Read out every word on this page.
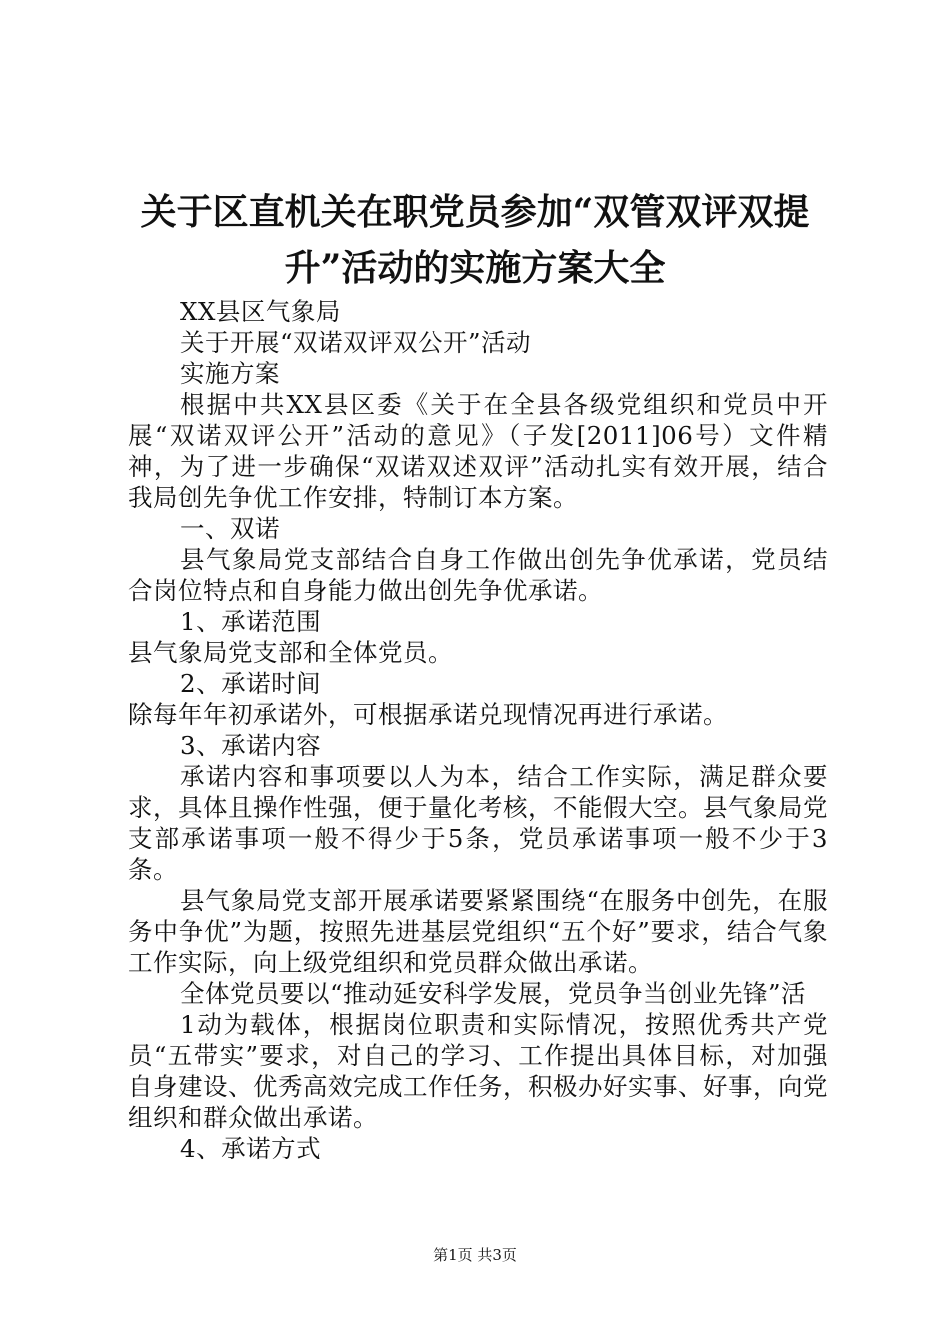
关于区直机关在职党员参加“双管双评双提
升”活动的实施方案大全

XX县区气象局

关于开展“双诺双评双公开”活动

实施方案

根据中共XX县区委《关于在全县各级党组织和党员中开展“双诺双评公开”活动的意见》（子发[2011]06号）文件精神，为了进一步确保“双诺双述双评”活动扎实有效开展，结合我局创先争优工作安排，特制订本方案。

一、双诺

县气象局党支部结合自身工作做出创先争优承诺，党员结合岗位特点和自身能力做出创先争优承诺。

1、承诺范围

县气象局党支部和全体党员。

2、承诺时间

除每年年初承诺外，可根据承诺兑现情况再进行承诺。

3、承诺内容

承诺内容和事项要以人为本，结合工作实际，满足群众要求，具体且操作性强，便于量化考核，不能假大空。县气象局党支部承诺事项一般不得少于5条，党员承诺事项一般不少于3条。

县气象局党支部开展承诺要紧紧围绕“在服务中创先，在服务中争优”为题，按照先进基层党组织“五个好”要求，结合气象工作实际，向上级党组织和党员群众做出承诺。

全体党员要以“推动延安科学发展，党员争当创业先锋”活

1动为载体，根据岗位职责和实际情况，按照优秀共产党员“五带实”要求，对自己的学习、工作提出具体目标，对加强自身建设、优秀高效完成工作任务，积极办好实事、好事，向党组织和群众做出承诺。

4、承诺方式

第1页 共3页
